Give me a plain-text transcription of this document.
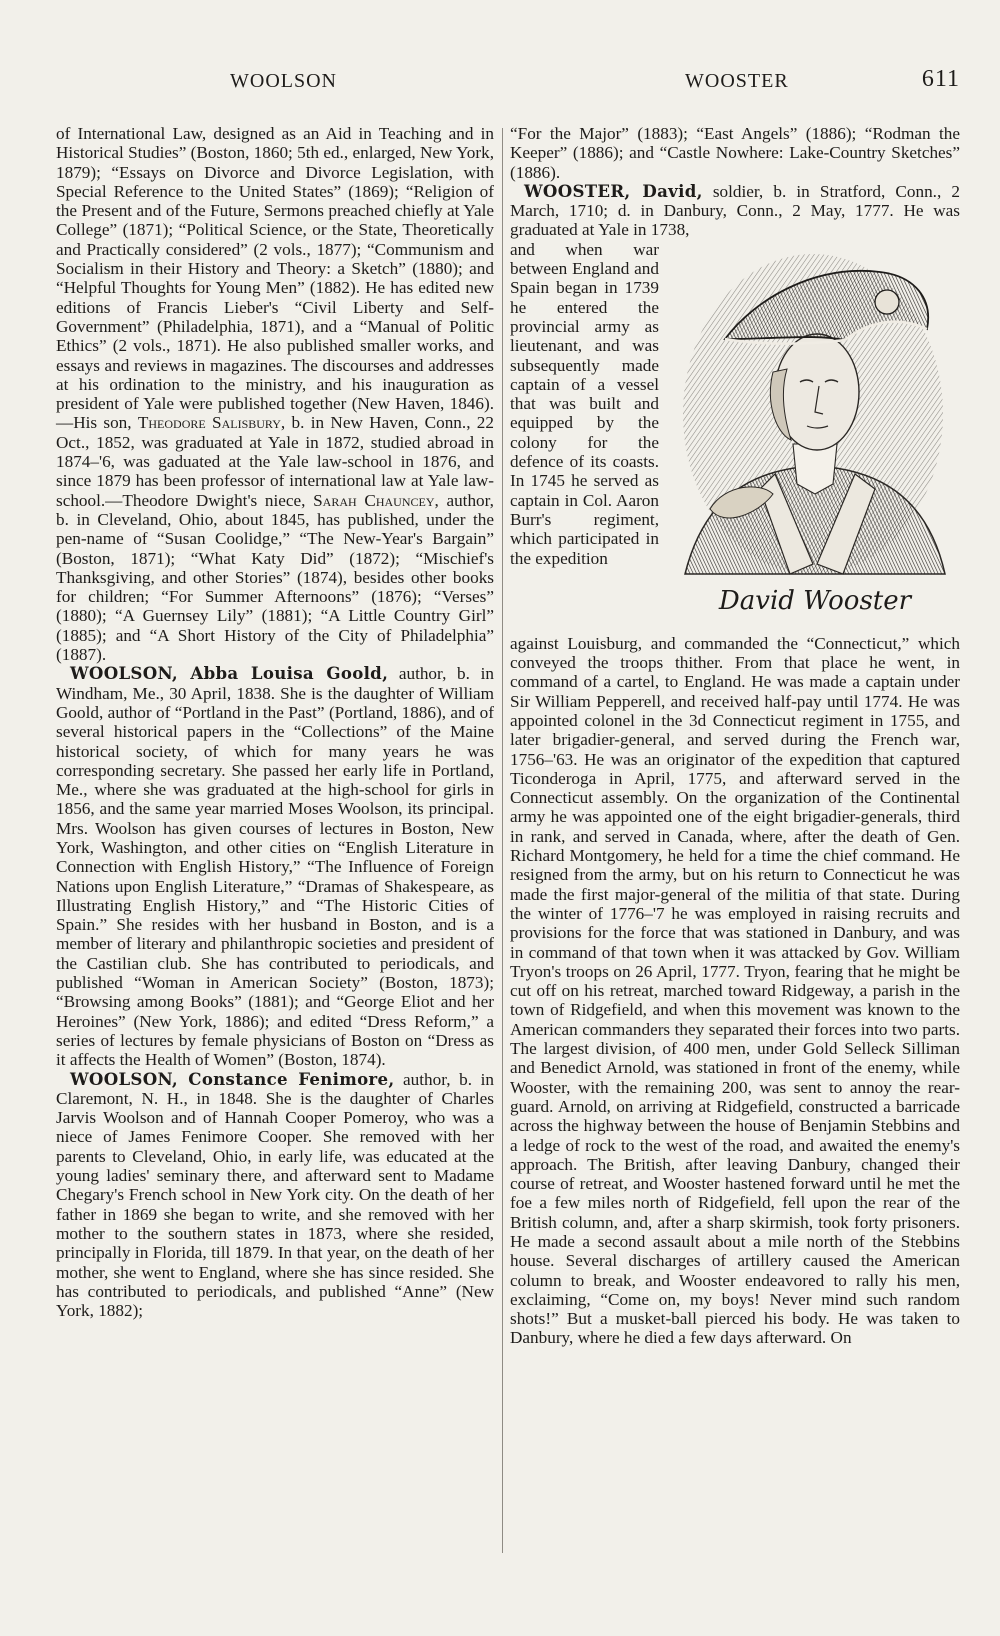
WOOLSON	WOOSTER	611

of International Law, designed as an Aid in Teaching and in Historical Studies” (Boston, 1860; 5th ed., enlarged, New York, 1879); “Essays on Divorce and Divorce Legislation, with Special Reference to the United States” (1869); “Religion of the Present and of the Future, Sermons preached chiefly at Yale College” (1871); “Political Science, or the State, Theoretically and Practically considered” (2 vols., 1877); “Communism and Socialism in their History and Theory: a Sketch” (1880); and “Helpful Thoughts for Young Men” (1882). He has edited new editions of Francis Lieber's “Civil Liberty and Self-Government” (Philadelphia, 1871), and a “Manual of Politic Ethics” (2 vols., 1871). He also published smaller works, and essays and reviews in magazines. The discourses and addresses at his ordination to the ministry, and his inauguration as president of Yale were published together (New Haven, 1846).—His son, Theodore Salisbury, b. in New Haven, Conn., 22 Oct., 1852, was graduated at Yale in 1872, studied abroad in 1874–'6, was gaduated at the Yale law-school in 1876, and since 1879 has been professor of international law at Yale law-school.—Theodore Dwight's niece, Sarah Chauncey, author, b. in Cleveland, Ohio, about 1845, has published, under the pen-name of “Susan Coolidge,” “The New-Year's Bargain” (Boston, 1871); “What Katy Did” (1872); “Mischief's Thanksgiving, and other Stories” (1874), besides other books for children; “For Summer Afternoons” (1876); “Verses” (1880); “A Guernsey Lily” (1881); “A Little Country Girl” (1885); and “A Short History of the City of Philadelphia” (1887).

WOOLSON, Abba Louisa Goold, author, b. in Windham, Me., 30 April, 1838. She is the daughter of William Goold, author of “Portland in the Past” (Portland, 1886), and of several historical papers in the “Collections” of the Maine historical society, of which for many years he was corresponding secretary. She passed her early life in Portland, Me., where she was graduated at the high-school for girls in 1856, and the same year married Moses Woolson, its principal. Mrs. Woolson has given courses of lectures in Boston, New York, Washington, and other cities on “English Literature in Connection with English History,” “The Influence of Foreign Nations upon English Literature,” “Dramas of Shakespeare, as Illustrating English History,” and “The Historic Cities of Spain.” She resides with her husband in Boston, and is a member of literary and philanthropic societies and president of the Castilian club. She has contributed to periodicals, and published “Woman in American Society” (Boston, 1873); “Browsing among Books” (1881); and “George Eliot and her Heroines” (New York, 1886); and edited “Dress Reform,” a series of lectures by female physicians of Boston on “Dress as it affects the Health of Women” (Boston, 1874).

WOOLSON, Constance Fenimore, author, b. in Claremont, N. H., in 1848. She is the daughter of Charles Jarvis Woolson and of Hannah Cooper Pomeroy, who was a niece of James Fenimore Cooper. She removed with her parents to Cleveland, Ohio, in early life, was educated at the young ladies' seminary there, and afterward sent to Madame Chegary's French school in New York city. On the death of her father in 1869 she began to write, and she removed with her mother to the southern states in 1873, where she resided, principally in Florida, till 1879. In that year, on the death of her mother, she went to England, where she has since resided. She has contributed to periodicals, and published “Anne” (New York, 1882);

“For the Major” (1883); “East Angels” (1886); “Rodman the Keeper” (1886); and “Castle Nowhere: Lake-Country Sketches” (1886).

WOOSTER, David, soldier, b. in Stratford, Conn., 2 March, 1710; d. in Danbury, Conn., 2 May, 1777. He was graduated at Yale in 1738,

David Wooster

and when war between England and Spain began in 1739 he entered the provincial army as lieutenant, and was subsequently made captain of a vessel that was built and equipped by the colony for the defence of its coasts. In 1745 he served as captain in Col. Aaron Burr's regiment, which participated in the expedition

against Louisburg, and commanded the “Connecticut,” which conveyed the troops thither. From that place he went, in command of a cartel, to England. He was made a captain under Sir William Pepperell, and received half-pay until 1774. He was appointed colonel in the 3d Connecticut regiment in 1755, and later brigadier-general, and served during the French war, 1756–'63. He was an originator of the expedition that captured Ticonderoga in April, 1775, and afterward served in the Connecticut assembly. On the organization of the Continental army he was appointed one of the eight brigadier-generals, third in rank, and served in Canada, where, after the death of Gen. Richard Montgomery, he held for a time the chief command. He resigned from the army, but on his return to Connecticut he was made the first major-general of the militia of that state. During the winter of 1776–'7 he was employed in raising recruits and provisions for the force that was stationed in Danbury, and was in command of that town when it was attacked by Gov. William Tryon's troops on 26 April, 1777. Tryon, fearing that he might be cut off on his retreat, marched toward Ridgeway, a parish in the town of Ridgefield, and when this movement was known to the American commanders they separated their forces into two parts. The largest division, of 400 men, under Gold Selleck Silliman and Benedict Arnold, was stationed in front of the enemy, while Wooster, with the remaining 200, was sent to annoy the rear-guard. Arnold, on arriving at Ridgefield, constructed a barricade across the highway between the house of Benjamin Stebbins and a ledge of rock to the west of the road, and awaited the enemy's approach. The British, after leaving Danbury, changed their course of retreat, and Wooster hastened forward until he met the foe a few miles north of Ridgefield, fell upon the rear of the British column, and, after a sharp skirmish, took forty prisoners. He made a second assault about a mile north of the Stebbins house. Several discharges of artillery caused the American column to break, and Wooster endeavored to rally his men, exclaiming, “Come on, my boys! Never mind such random shots!” But a musket-ball pierced his body. He was taken to Danbury, where he died a few days afterward. On
